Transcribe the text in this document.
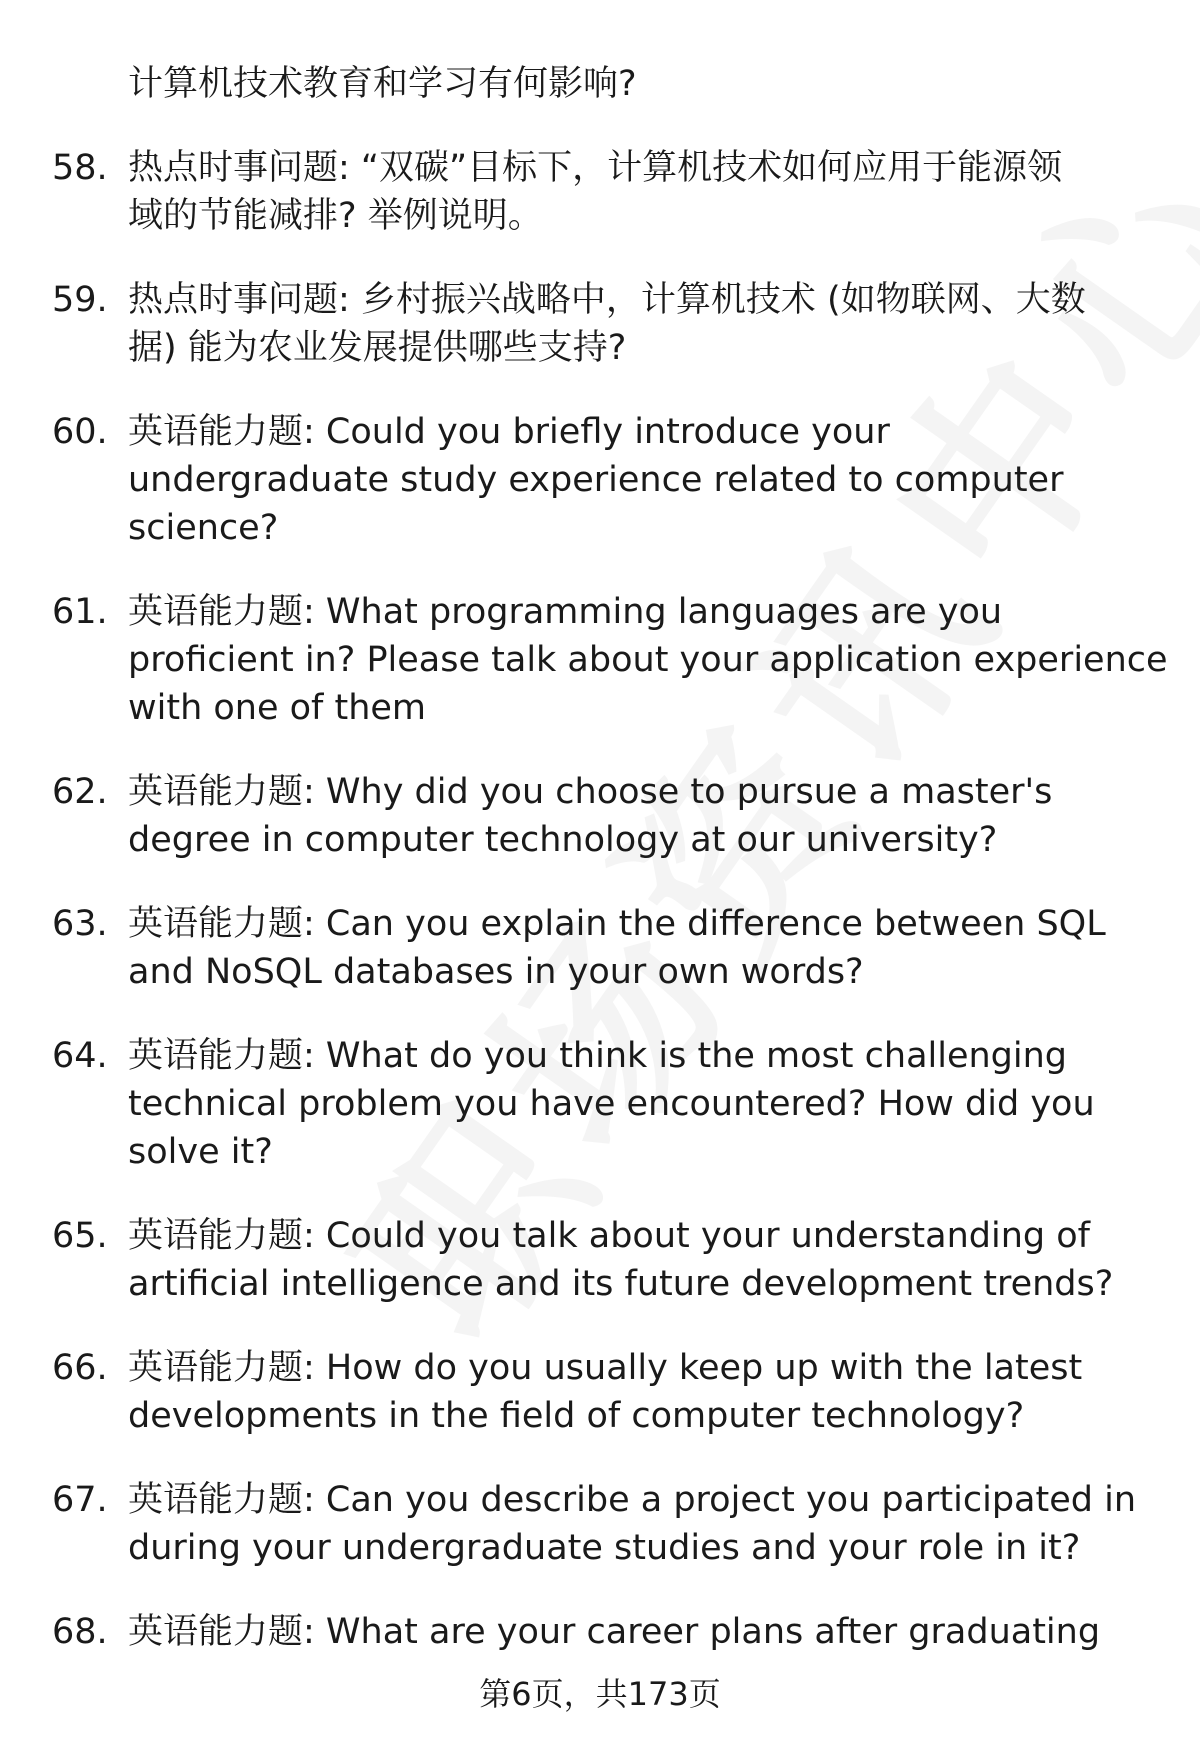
计算机技术教育和学习有何影响?
58. 热点时事问题: “双碳”目标下，计算机技术如何应用于能源领
域的节能减排? 举例说明。
59. 热点时事问题: 乡村振兴战略中，计算机技术 (如物联网、大数
据) 能为农业发展提供哪些支持?
60. 英语能力题: Could you briefly introduce your
undergraduate study experience related to computer
science?
61. 英语能力题: What programming languages are you
proficient in? Please talk about your application experience
with one of them
62. 英语能力题: Why did you choose to pursue a master's
degree in computer technology at our university?
63. 英语能力题: Can you explain the difference between SQL
and NoSQL databases in your own words?
64. 英语能力题: What do you think is the most challenging
technical problem you have encountered? How did you
solve it?
65. 英语能力题: Could you talk about your understanding of
artificial intelligence and its future development trends?
66. 英语能力题: How do you usually keep up with the latest
developments in the field of computer technology?
67. 英语能力题: Can you describe a project you participated in
during your undergraduate studies and your role in it?
68. 英语能力题: What are your career plans after graduating
第6页，共173页
